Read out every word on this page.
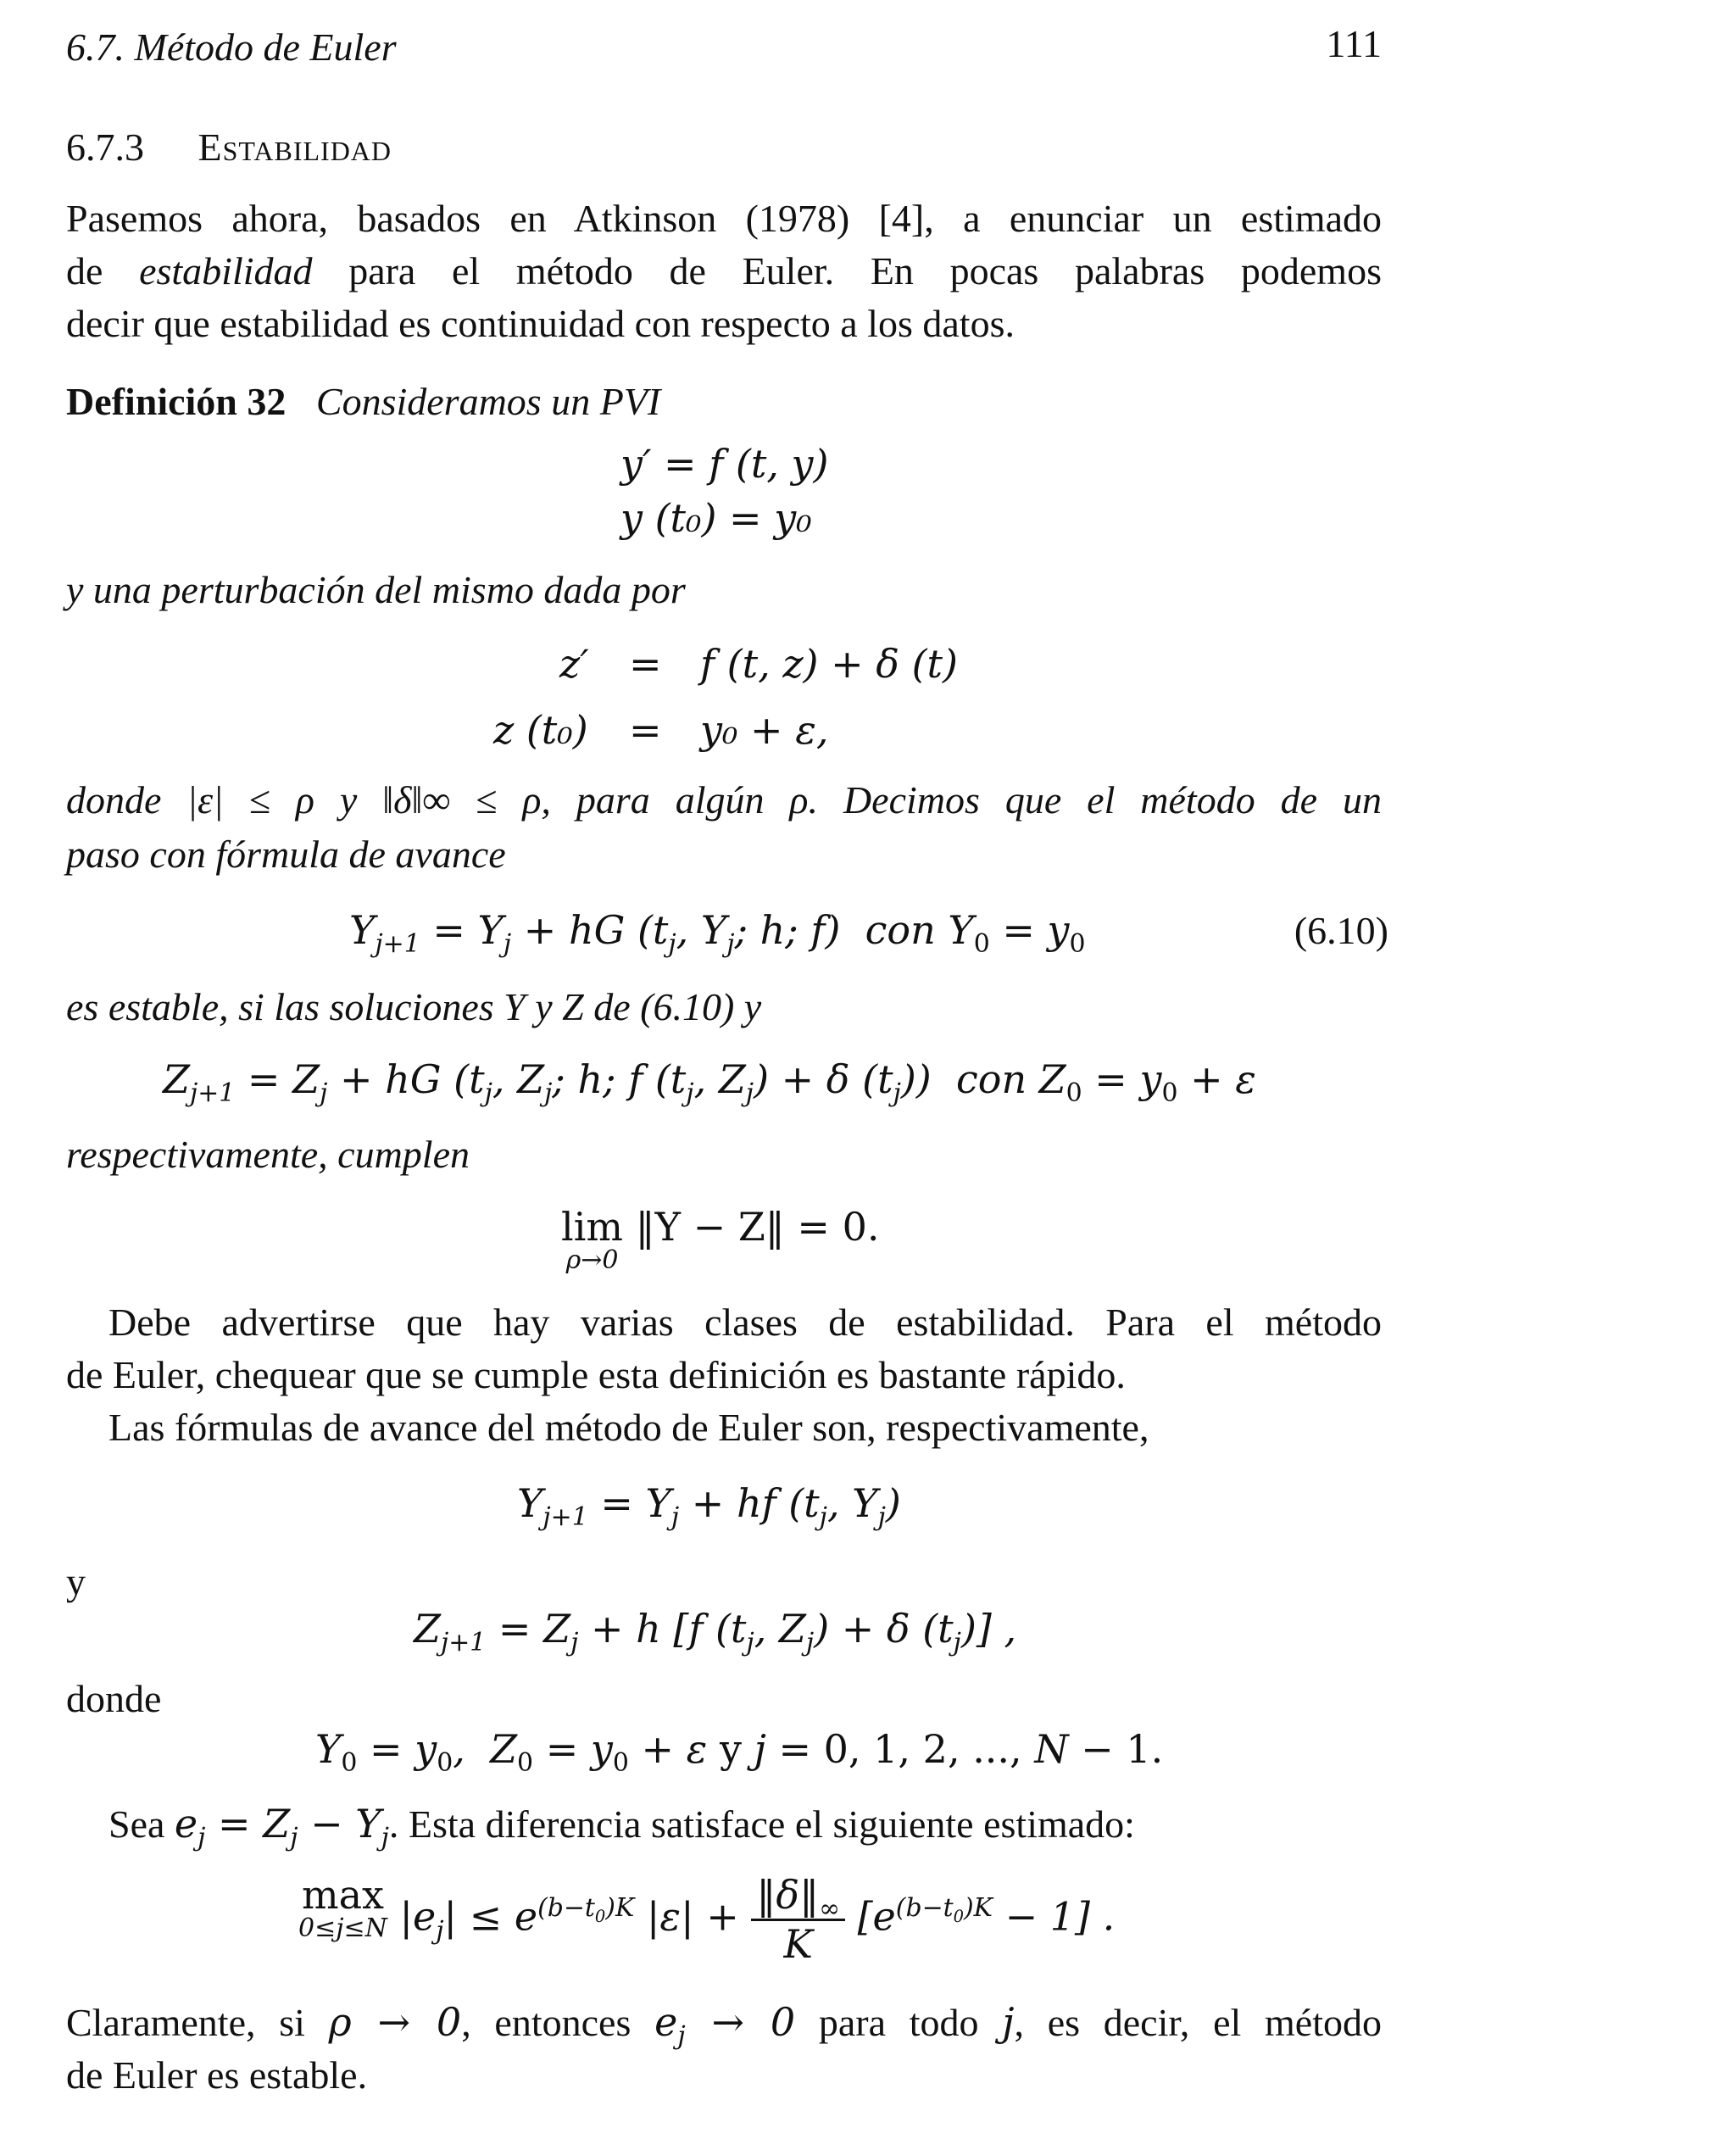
6.7. Método de Euler	111
6.7.3 Estabilidad
Pasemos ahora, basados en Atkinson (1978) [4], a enunciar un estimado
de estabilidad para el método de Euler. En pocas palabras podemos
decir que estabilidad es continuidad con respecto a los datos.
Definición 32 Consideramos un PVI
y′ = f (t, y)
y (t₀) = y₀
y una perturbación del mismo dada por
z′ = f (t, z) + δ (t)
z (t₀) = y₀ + ε,
donde |ε| ≤ ρ y ‖δ‖∞ ≤ ρ, para algún ρ. Decimos que el método de un
paso con fórmula de avance
$Y_{j+1} = Y_j$ + hG ($t_j$, $Y_j$; h; f)  con $Y_0 = y_0$	(6.10)
es estable, si las soluciones Y y Z de (6.10) y
$Z_{j+1} = Z_j$ + hG ($t_j$, $Z_j$; h; f ($t_j$, $Z_j) + \delta$ $(t_j)$)  con $Z_0 = y_0 + \varepsilon$
respectivamente, cumplen
lim
ρ→0
‖Y − Z‖ = 0.
Debe advertirse que hay varias clases de estabilidad. Para el método
de Euler, chequear que se cumple esta definición es bastante rápido.
Las fórmulas de avance del método de Euler son, respectivamente,
$Y_{j+1} = Y_j$ + hf ($t_j$, $Y_j$)
y
$Z_{j+1} = Z_j + h$ [f ($t_j$, $Z_j) + \delta$ $(t_j)$] ,
donde
$Y_0 = y_0$,  $Z_0 = y_0 + \varepsilon$ y j = 0, 1, 2, ..., N − 1.
Sea $e_j = Z_j - Y_j$. Esta diferencia satisface el siguiente estimado:
max
0≤j≤N $|e_j| \le e^{(b-t_0)K}$ $|\varepsilon| + \frac{‖\delta‖_\infty}{K} [e^{(b-t_0)K} - 1]$ .
Claramente, si ρ → 0, entonces $e_j \to 0$ para todo j, es decir, el método
de Euler es estable.
